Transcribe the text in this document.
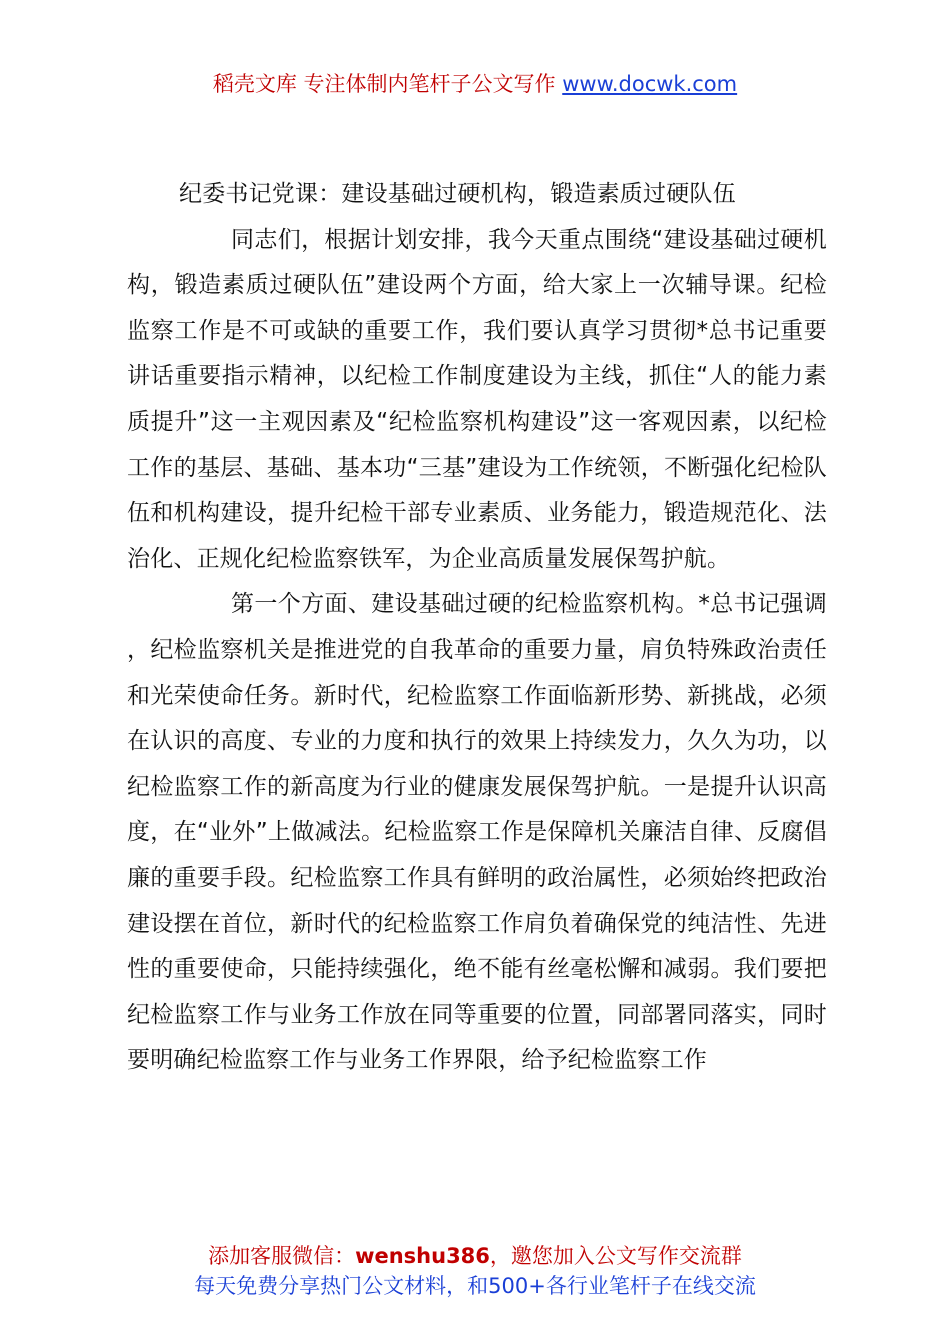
稻壳文库 专注体制内笔杆子公文写作 www.docwk.com
纪委书记党课：建设基础过硬机构，锻造素质过硬队伍

同志们，根据计划安排，我今天重点围绕“建设基础过硬机构，锻造素质过硬队伍”建设两个方面，给大家上一次辅导课。纪检监察工作是不可或缺的重要工作，我们要认真学习贯彻*总书记重要讲话重要指示精神，以纪检工作制度建设为主线，抓住“人的能力素质提升”这一主观因素及“纪检监察机构建设”这一客观因素，以纪检工作的基层、基础、基本功“三基”建设为工作统领，不断强化纪检队伍和机构建设，提升纪检干部专业素质、业务能力，锻造规范化、法治化、正规化纪检监察铁军，为企业高质量发展保驾护航。

第一个方面、建设基础过硬的纪检监察机构。*总书记强调，纪检监察机关是推进党的自我革命的重要力量，肩负特殊政治责任和光荣使命任务。新时代，纪检监察工作面临新形势、新挑战，必须在认识的高度、专业的力度和执行的效果上持续发力，久久为功，以纪检监察工作的新高度为行业的健康发展保驾护航。一是提升认识高度，在“业外”上做减法。纪检监察工作是保障机关廉洁自律、反腐倡廉的重要手段。纪检监察工作具有鲜明的政治属性，必须始终把政治建设摆在首位，新时代的纪检监察工作肩负着确保党的纯洁性、先进性的重要使命，只能持续强化，绝不能有丝毫松懈和减弱。我们要把纪检监察工作与业务工作放在同等重要的位置，同部署同落实，同时要明确纪检监察工作与业务工作界限，给予纪检监察工作

添加客服微信：wenshu386，邀您加入公文写作交流群
每天免费分享热门公文材料，和500+各行业笔杆子在线交流
